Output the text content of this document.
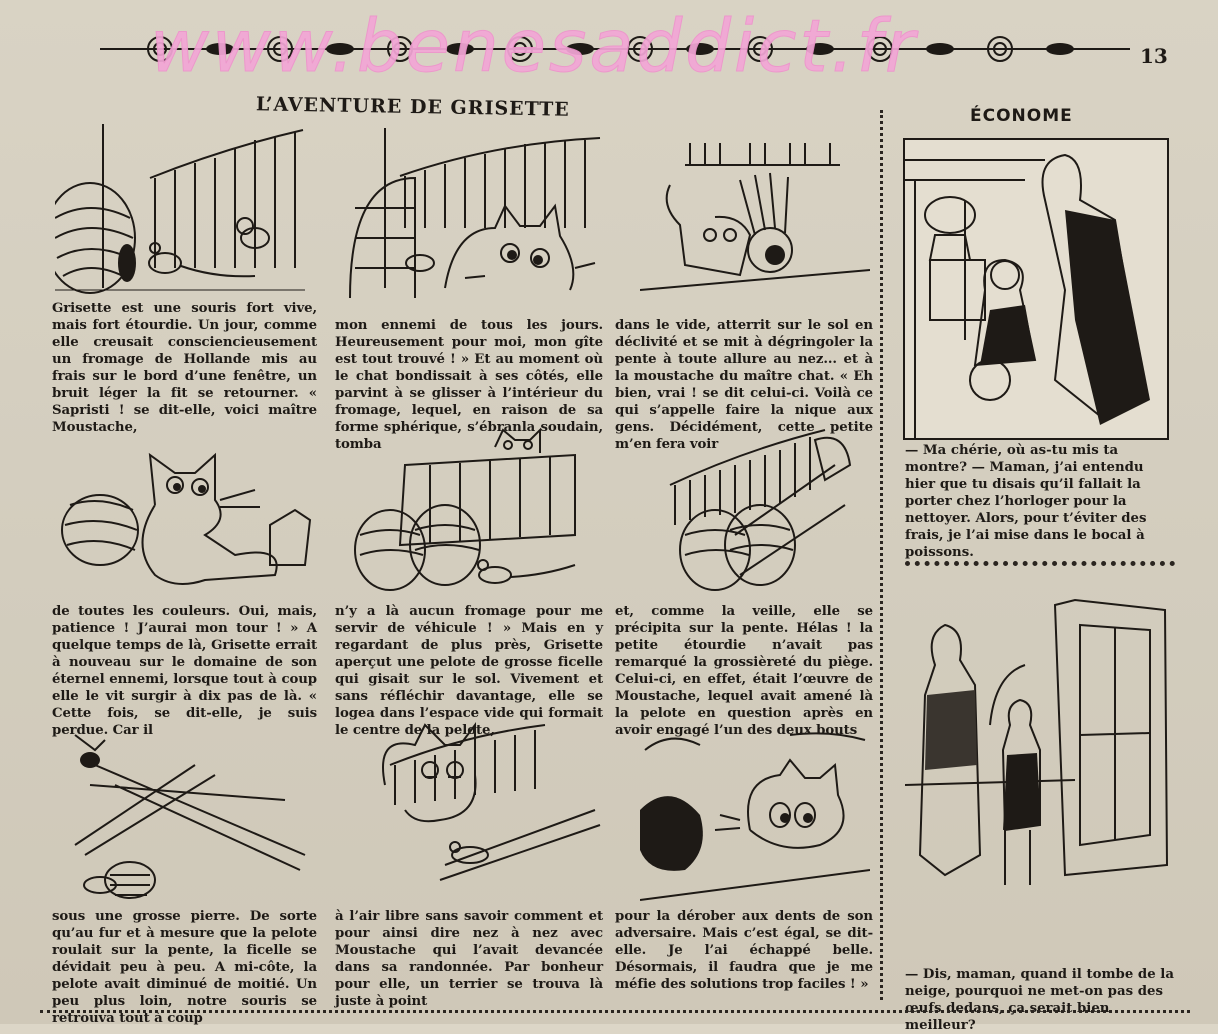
13
www.benesaddict.fr
L’AVENTURE DE GRISETTE	ÉCONOME

Grisette est une souris fort vive, mais fort étourdie. Un jour, comme elle creusait consciencieusement un fromage de Hollande mis au frais sur le bord d’une fenêtre, un bruit léger la fit se retourner. « Sapristi ! se dit-elle, voici maître Moustache,

mon ennemi de tous les jours. Heureusement pour moi, mon gîte est tout trouvé ! » Et au moment où le chat bondissait à ses côtés, elle parvint à se glisser à l’intérieur du fromage, lequel, en raison de sa forme sphérique, s’ébranla soudain, tomba

dans le vide, atterrit sur le sol en déclivité et se mit à dégringoler la pente à toute allure au nez... et à la moustache du maître chat. « Eh bien, vrai ! se dit celui-ci. Voilà ce qui s’appelle faire la nique aux gens. Décidément, cette petite m’en fera voir

de toutes les couleurs. Oui, mais, patience ! J’aurai mon tour ! » A quelque temps de là, Grisette errait à nouveau sur le domaine de son éternel ennemi, lorsque tout à coup elle le vit surgir à dix pas de là. « Cette fois, se dit-elle, je suis perdue. Car il

n’y a là aucun fromage pour me servir de véhicule ! » Mais en y regardant de plus près, Grisette aperçut une pelote de grosse ficelle qui gisait sur le sol. Vivement et sans réfléchir davantage, elle se logea dans l’espace vide qui formait le centre de la pelote,

et, comme la veille, elle se précipita sur la pente. Hélas ! la petite étourdie n’avait pas remarqué la grossièreté du piège. Celui-ci, en effet, était l’œuvre de Moustache, lequel avait amené là la pelote en question après en avoir engagé l’un des deux bouts

sous une grosse pierre. De sorte qu’au fur et à mesure que la pelote roulait sur la pente, la ficelle se dévidait peu à peu. A mi-côte, la pelote avait diminué de moitié. Un peu plus loin, notre souris se retrouva tout à coup

à l’air libre sans savoir comment et pour ainsi dire nez à nez avec Moustache qui l’avait devancée dans sa randonnée. Par bonheur pour elle, un terrier se trouva là juste à point

pour la dérober aux dents de son adversaire. Mais c’est égal, se dit-elle. Je l’ai échappé belle. Désormais, il faudra que je me méfie des solutions trop faciles ! »

— Ma chérie, où as-tu mis ta montre? — Maman, j’ai entendu hier que tu disais qu’il fallait la porter chez l’horloger pour la nettoyer. Alors, pour t’éviter des frais, je l’ai mise dans le bocal à poissons.

— Dis, maman, quand il tombe de la neige, pourquoi ne met-on pas des œufs dedans, ça serait bien meilleur?
